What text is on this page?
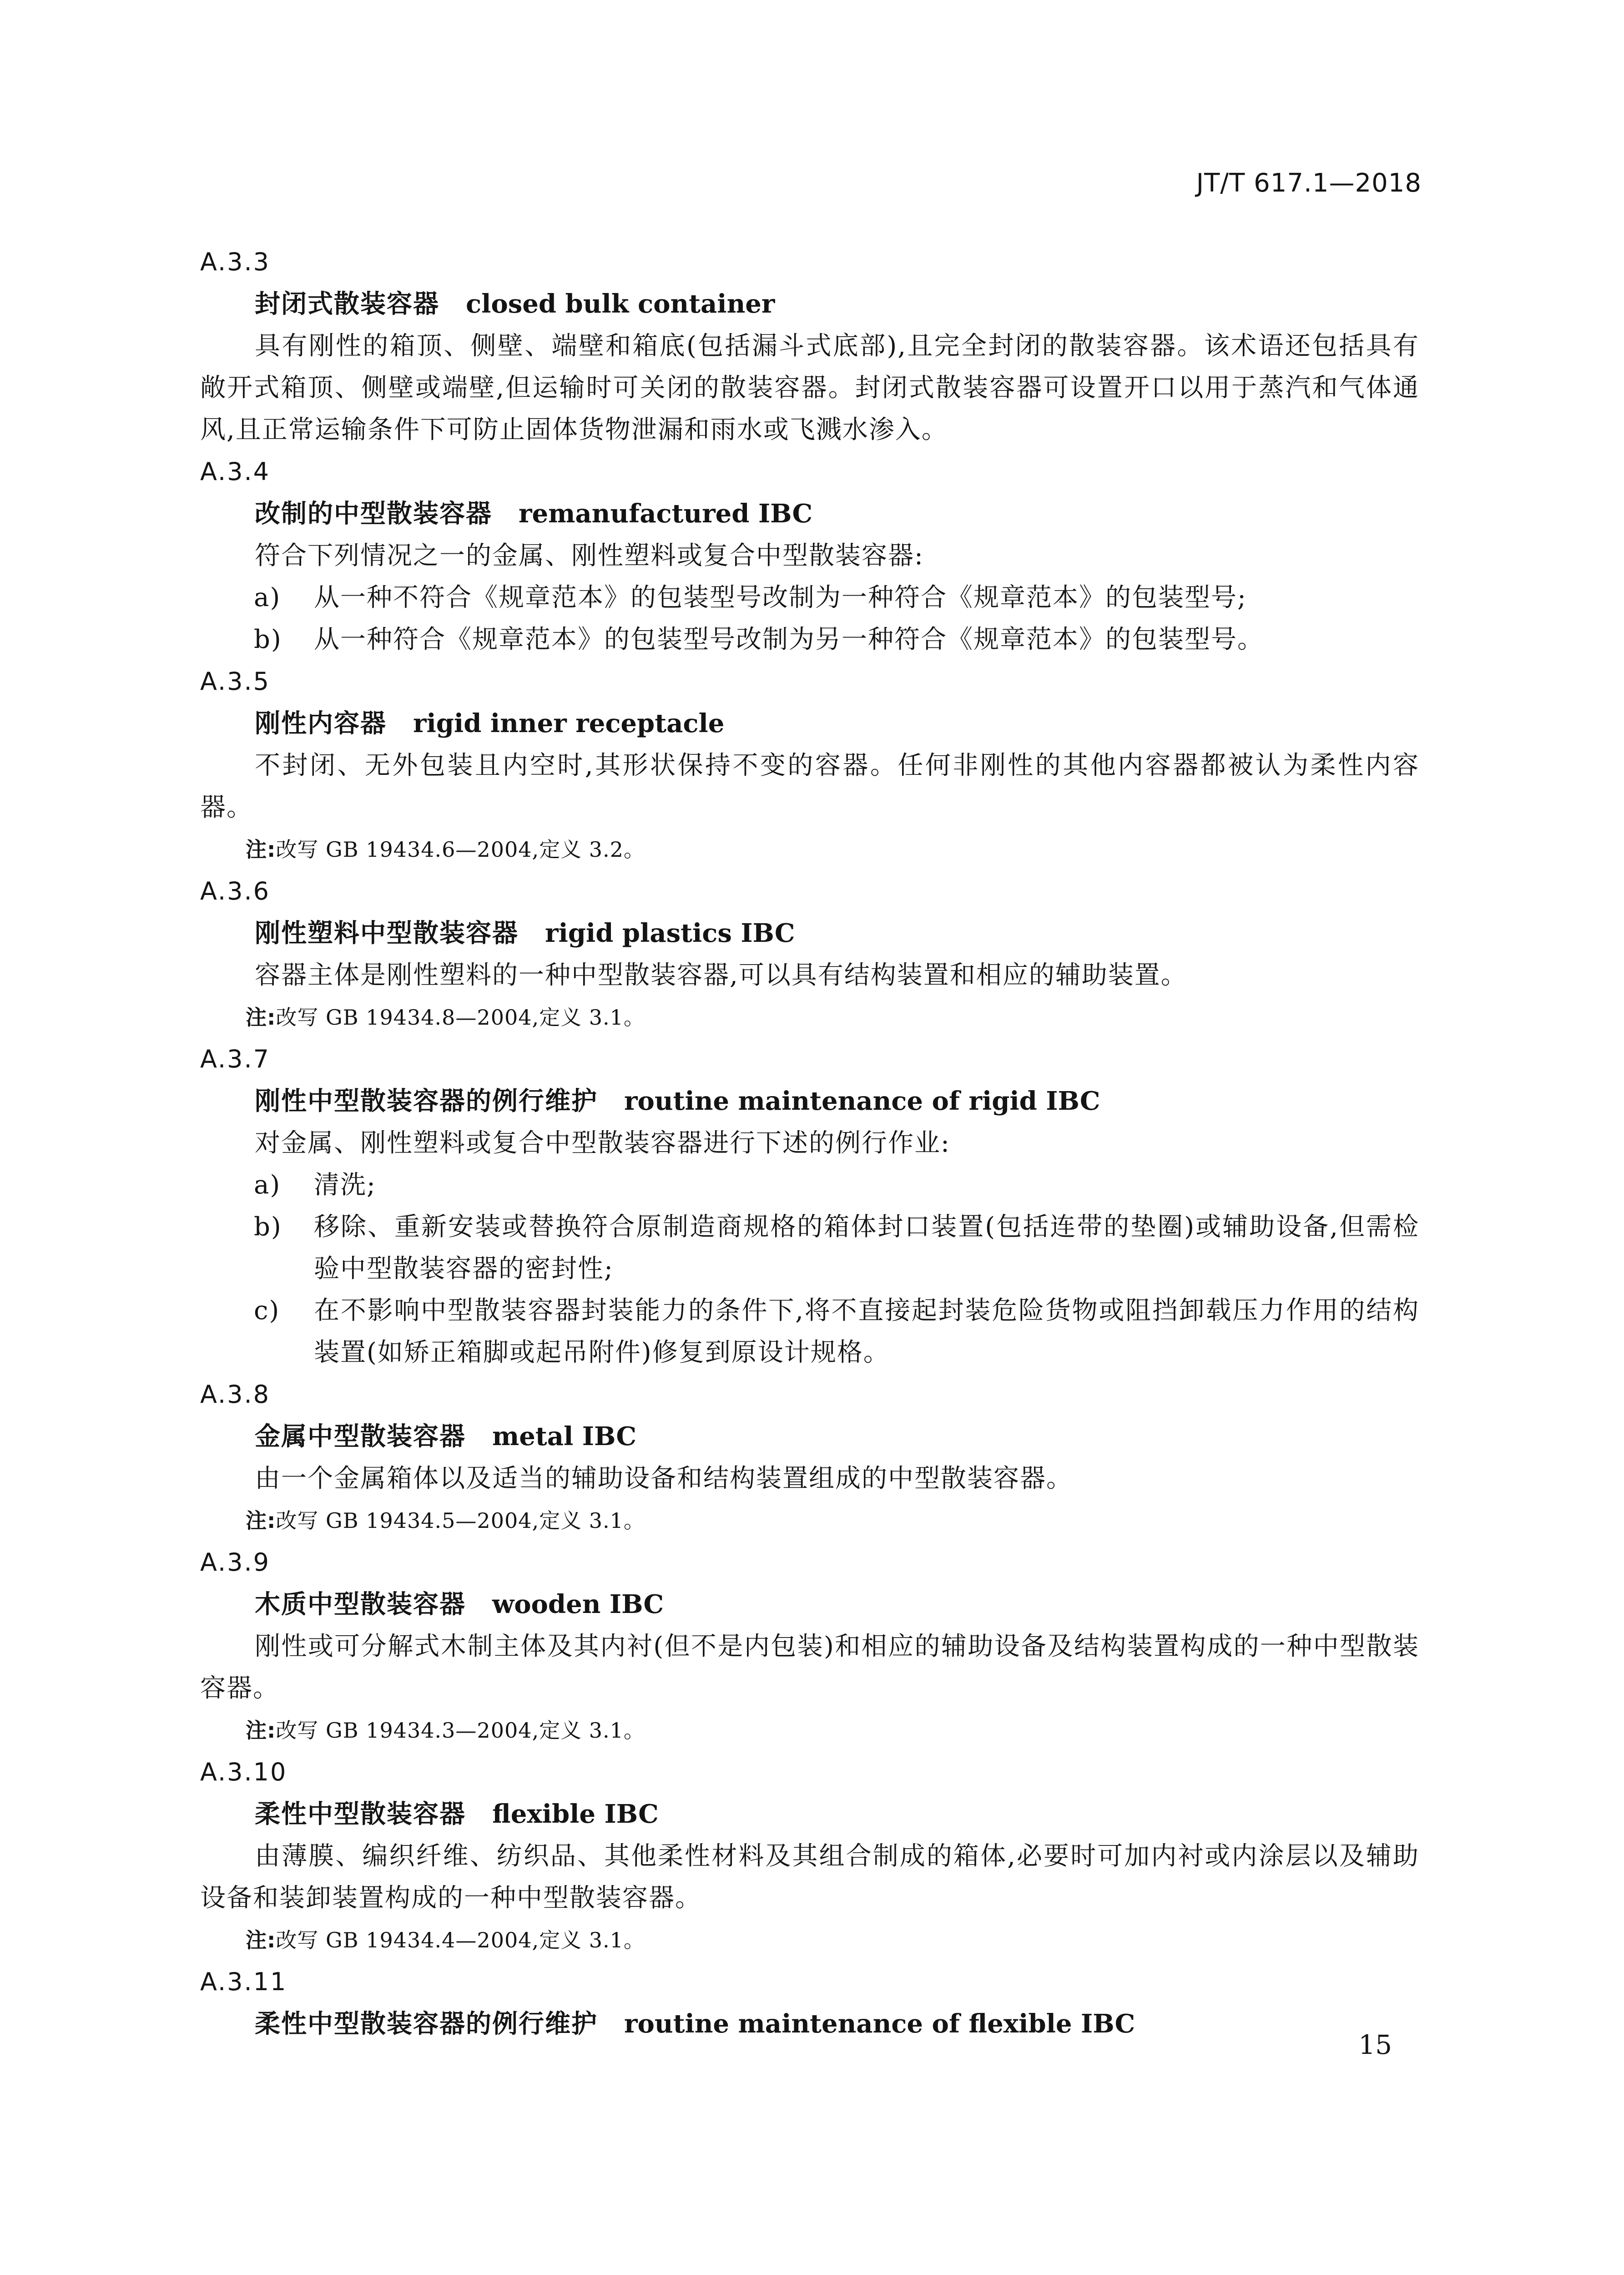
JT/T 617.1—2018

A.3.3

封闭式散装容器 closed bulk container

具有刚性的箱顶、侧壁、端壁和箱底(包括漏斗式底部),且完全封闭的散装容器。该术语还包括具有敞开式箱顶、侧壁或端壁,但运输时可关闭的散装容器。封闭式散装容器可设置开口以用于蒸汽和气体通风,且正常运输条件下可防止固体货物泄漏和雨水或飞溅水渗入。

A.3.4

改制的中型散装容器 remanufactured IBC

符合下列情况之一的金属、刚性塑料或复合中型散装容器:

a) 从一种不符合《规章范本》的包装型号改制为一种符合《规章范本》的包装型号;
b) 从一种符合《规章范本》的包装型号改制为另一种符合《规章范本》的包装型号。

A.3.5

刚性内容器 rigid inner receptacle

不封闭、无外包装且内空时,其形状保持不变的容器。任何非刚性的其他内容器都被认为柔性内容器。

注:改写 GB 19434.6—2004,定义 3.2。

A.3.6

刚性塑料中型散装容器 rigid plastics IBC

容器主体是刚性塑料的一种中型散装容器,可以具有结构装置和相应的辅助装置。

注:改写 GB 19434.8—2004,定义 3.1。

A.3.7

刚性中型散装容器的例行维护 routine maintenance of rigid IBC

对金属、刚性塑料或复合中型散装容器进行下述的例行作业:

a) 清洗;
b) 移除、重新安装或替换符合原制造商规格的箱体封口装置(包括连带的垫圈)或辅助设备,但需检验中型散装容器的密封性;
c) 在不影响中型散装容器封装能力的条件下,将不直接起封装危险货物或阻挡卸载压力作用的结构装置(如矫正箱脚或起吊附件)修复到原设计规格。

A.3.8

金属中型散装容器 metal IBC

由一个金属箱体以及适当的辅助设备和结构装置组成的中型散装容器。

注:改写 GB 19434.5—2004,定义 3.1。

A.3.9

木质中型散装容器 wooden IBC

刚性或可分解式木制主体及其内衬(但不是内包装)和相应的辅助设备及结构装置构成的一种中型散装容器。

注:改写 GB 19434.3—2004,定义 3.1。

A.3.10

柔性中型散装容器 flexible IBC

由薄膜、编织纤维、纺织品、其他柔性材料及其组合制成的箱体,必要时可加内衬或内涂层以及辅助设备和装卸装置构成的一种中型散装容器。

注:改写 GB 19434.4—2004,定义 3.1。

A.3.11

柔性中型散装容器的例行维护 routine maintenance of flexible IBC

15
